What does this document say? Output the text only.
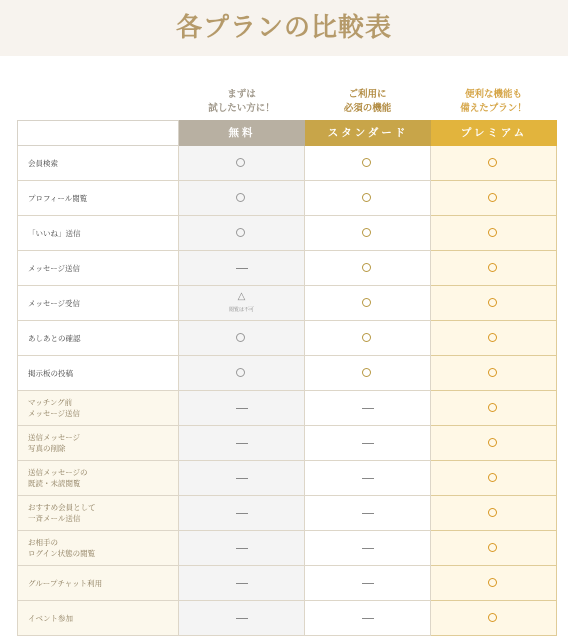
各プランの比較表
まずは
試したい方に！
ご利用に
必須の機能
便利な機能も
備えたプラン！
無料	スタンダード	プレミアム
会員検索
プロフィール閲覧
「いいね」送信
メッセージ送信
メッセージ受信
△
閲覧は不可
あしあとの確認
掲示板の投稿
マッチング前
メッセージ送信
送信メッセージ
写真の削除
送信メッセージの
既読・未読閲覧
おすすめ会員として
一斉メール送信
お相手の
ログイン状態の閲覧
グループチャット利用
イベント参加
